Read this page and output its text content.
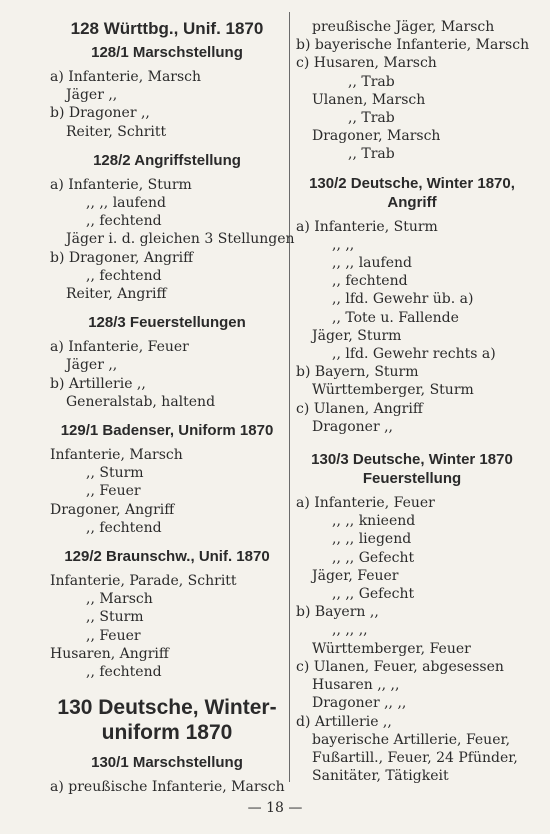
128 Württbg., Unif. 1870
128/1 Marschstellung
a) Infanterie, Marsch
Jäger ,,
b) Dragoner ,,
Reiter, Schritt
128/2 Angriffstellung
a) Infanterie, Sturm
,, ,, laufend
,, fechtend
Jäger i. d. gleichen 3 Stellungen
b) Dragoner, Angriff
,, fechtend
Reiter, Angriff
128/3 Feuerstellungen
a) Infanterie, Feuer
Jäger ,,
b) Artillerie ,,
Generalstab, haltend
129/1 Badenser, Uniform 1870
Infanterie, Marsch
,, Sturm
,, Feuer
Dragoner, Angriff
,, fechtend
129/2 Braunschw., Unif. 1870
Infanterie, Parade, Schritt
,, Marsch
,, Sturm
,, Feuer
Husaren, Angriff
,, fechtend
130 Deutsche, Winter-
uniform 1870
130/1 Marschstellung
a) preußische Infanterie, Marsch
preußische Jäger, Marsch
b) bayerische Infanterie, Marsch
c) Husaren, Marsch
,, Trab
Ulanen, Marsch
,, Trab
Dragoner, Marsch
,, Trab
130/2 Deutsche, Winter 1870,
Angriff
a) Infanterie, Sturm
,, ,,
,, ,, laufend
,, fechtend
,, lfd. Gewehr üb. a)
,, Tote u. Fallende
Jäger, Sturm
,, lfd. Gewehr rechts a)
b) Bayern, Sturm
Württemberger, Sturm
c) Ulanen, Angriff
Dragoner ,,
130/3 Deutsche, Winter 1870
Feuerstellung
a) Infanterie, Feuer
,, ,, knieend
,, ,, liegend
,, ,, Gefecht
Jäger, Feuer
,, ,, Gefecht
b) Bayern ,,
,, ,, ,,
Württemberger, Feuer
c) Ulanen, Feuer, abgesessen
Husaren ,, ,,
Dragoner ,, ,,
d) Artillerie ,,
bayerische Artillerie, Feuer,
Fußartill., Feuer, 24 Pfünder,
Sanitäter, Tätigkeit
— 18 —
